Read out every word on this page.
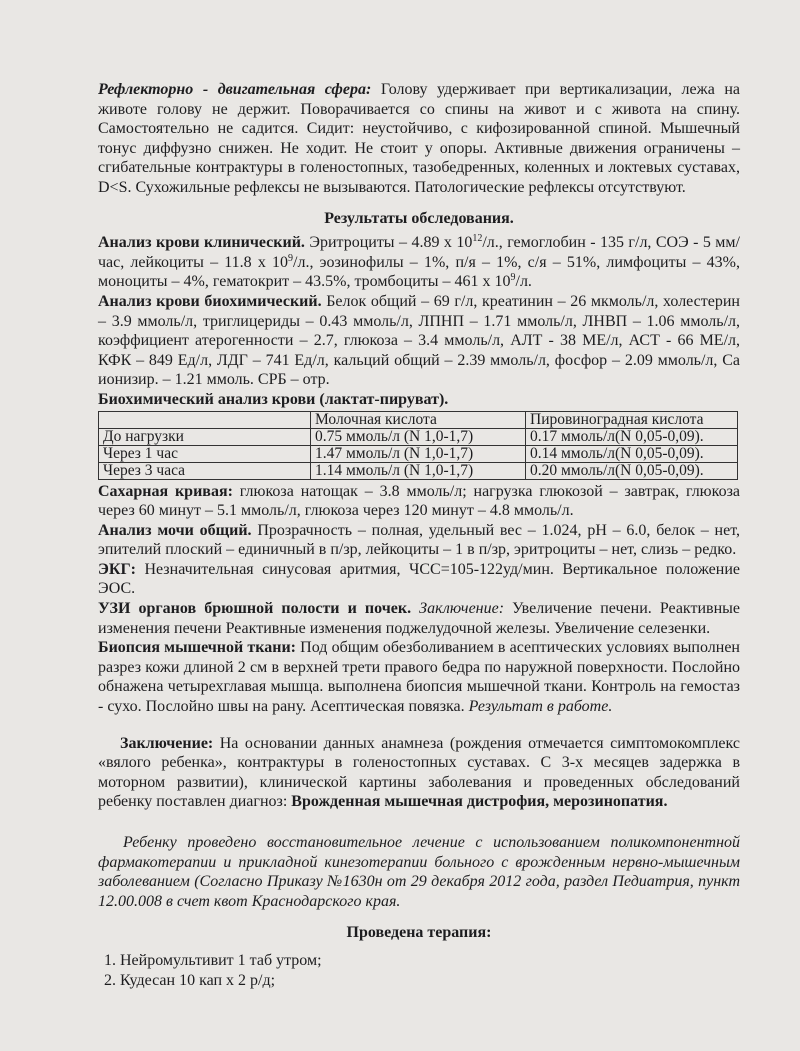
Рефлекторно - двигательная сфера: Голову удерживает при вертикализации, лежа на животе голову не держит. Поворачивается со спины на живот и с живота на спину. Самостоятельно не садится. Сидит: неустойчиво, с кифозированной спиной. Мышечный тонус диффузно снижен. Не ходит. Не стоит у опоры. Активные движения ограничены – сгибательные контрактуры в голеностопных, тазобедренных, коленных и локтевых суставах, D<S. Сухожильные рефлексы не вызываются. Патологические рефлексы отсутствуют.
Результаты обследования.
Анализ крови клинический. Эритроциты – 4.89 х $10^{12}/л$., гемоглобин - 135 г/л, СОЭ - 5 мм/час, лейкоциты – 11.8 х $10^9/л$., эозинофилы – 1%, п/я – 1%, с/я – 51%, лимфоциты – 43%, моноциты – 4%, гематокрит – 43.5%, тромбоциты – 461 х $10^9/л$.
Анализ крови биохимический. Белок общий – 69 г/л, креатинин – 26 мкмоль/л, холестерин – 3.9 ммоль/л, триглицериды – 0.43 ммоль/л, ЛПНП – 1.71 ммоль/л, ЛНВП – 1.06 ммоль/л, коэффициент атерогенности – 2.7, глюкоза – 3.4 ммоль/л, АЛТ - 38 МЕ/л, АСТ - 66 МЕ/л, КФК – 849 Ед/л, ЛДГ – 741 Ед/л, кальций общий – 2.39 ммоль/л, фосфор – 2.09 ммоль/л, Са ионизир. – 1.21 ммоль. СРБ – отр.
Биохимический анализ крови (лактат-пируват).
	Молочная кислота	Пировиноградная кислота
До нагрузки	0.75 ммоль/л (N 1,0-1,7)	0.17 ммоль/л(N 0,05-0,09).
Через 1 час	1.47 ммоль/л (N 1,0-1,7)	0.14 ммоль/л(N 0,05-0,09).
Через 3 часа	1.14 ммоль/л (N 1,0-1,7)	0.20 ммоль/л(N 0,05-0,09).
Сахарная кривая: глюкоза натощак – 3.8 ммоль/л; нагрузка глюкозой – завтрак, глюкоза через 60 минут – 5.1 ммоль/л, глюкоза через 120 минут – 4.8 ммоль/л.
Анализ мочи общий. Прозрачность – полная, удельный вес – 1.024, pH – 6.0, белок – нет, эпителий плоский – единичный в п/зр, лейкоциты – 1 в п/зр, эритроциты – нет, слизь – редко.
ЭКГ: Незначительная синусовая аритмия, ЧСС=105-122уд/мин. Вертикальное положение ЭОС.
УЗИ органов брюшной полости и почек. Заключение: Увеличение печени. Реактивные изменения печени Реактивные изменения поджелудочной железы. Увеличение селезенки.
Биопсия мышечной ткани: Под общим обезболиванием в асептических условиях выполнен разрез кожи длиной 2 см в верхней трети правого бедра по наружной поверхности. Послойно обнажена четырехглавая мышца. выполнена биопсия мышечной ткани. Контроль на гемостаз - сухо. Послойно швы на рану. Асептическая повязка. Результат в работе.
Заключение: На основании данных анамнеза (рождения отмечается симптомокомплекс «вялого ребенка», контрактуры в голеностопных суставах. С 3-х месяцев задержка в моторном развитии), клинической картины заболевания и проведенных обследований ребенку поставлен диагноз: Врожденная мышечная дистрофия, мерозинопатия.
Ребенку проведено восстановительное лечение с использованием поликомпонентной фармакотерапии и прикладной кинезотерапии больного с врожденным нервно-мышечным заболеванием (Согласно Приказу №1630н от 29 декабря 2012 года, раздел Педиатрия, пункт 12.00.008 в счет квот Краснодарского края.
Проведена терапия:
1. Нейромультивит 1 таб утром;
2. Кудесан 10 кап х 2 р/д;
